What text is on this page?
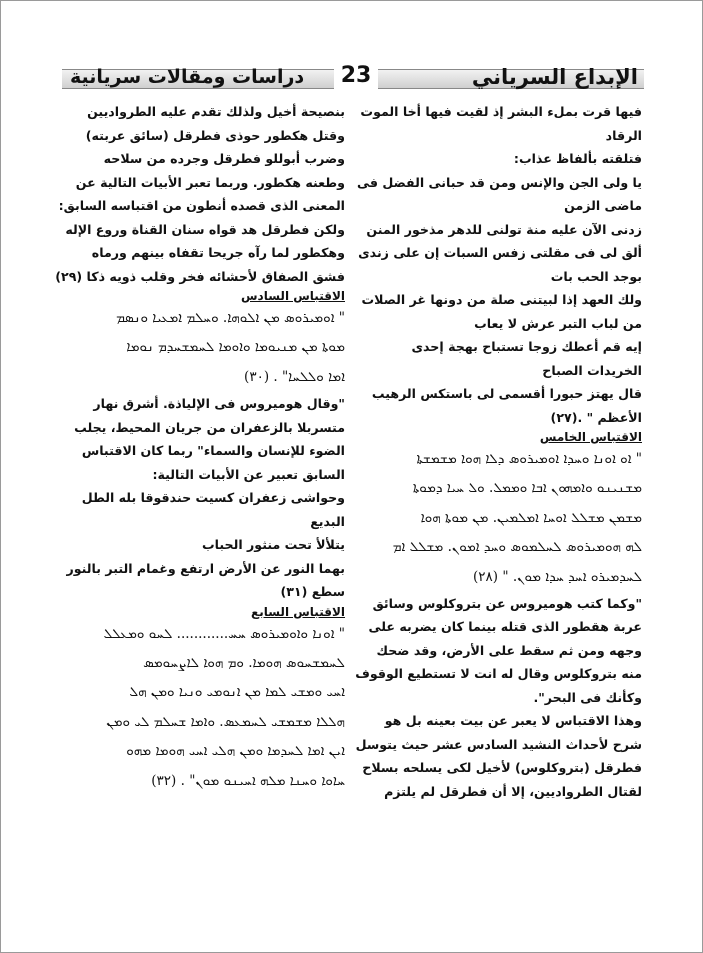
دراسات ومقالات سريانية	الإبداع السرياني
23
فيها قرت بملء البشر إذ لقيت فيها أخا الموت
الرقاد
فتلقته بألفاظ عذاب:
يا ولى الجن والإنس ومن قد حبانى الفضل فى
ماضى الزمن
زدنى الآن عليه منة تولنى للدهر مذخور المنن
ألق لى فى مقلتى زفس السبات إن على زندى
بوجد الحب بات
ولك العهد إذا لبيتنى صلة من دونها غر الصلات
من لباب التبر عرش لا يعاب
إيه قم أعطك زوجا تستباح بهجة إحدى
الخريدات الصباح
قال يهتز حبورا أقسمى لى باستكس الرهيب
الأعظم " .(٢٧)
الاقتباس الخامس
" ܐܘ ܐܘܢܐ ܘܚܕܐ ܐܘܡܝܪܘܣ ܕܠܐ ܗܘܐ ܡܫܡܫܬܐ
ܡܫܢܝܢܘ ܘܐܡܗܘܢ ܐܒܐ ܘܡܡܠ. ܘܠ ܚܝܐ ܕܡܘܬܐ
ܡܫܡܢ ܡܫܠܠ ܐܘܚܐ ܐܡܠܡܝܢ. ܡܢ ܡܘܬܐ ܗܘܐ
ܠܗ ܗܘܡܝܪܘܣ ܠܚܠܡܘܣ ܘܚܕ ܐܡܘܢ. ܡܫܠܠ ܐܡ
ܠܚܕܡܝܪܘ ܐܚܕ ܚܕܐ ܡܘܢ. " (٢٨)
"وكما كتب هوميروس عن بتروكلوس وسائق
عربة هقطور الذى قتله بينما كان يضربه على
وجهه ومن ثم سقط على الأرض، وقد ضحك
منه بتروكلوس وقال له انت لا تستطيع الوقوف
وكأنك فى البحر".
وهذا الاقتباس لا يعبر عن بيت بعينه بل هو
شرح لأحداث النشيد السادس عشر حيث يتوسل
فطرقل (بتروكلوس) لأخيل لكى يسلحه بسلاح
لقتال الطرواديين، إلا أن فطرقل لم يلتزم
بنصيحة أخيل ولذلك تقدم عليه الطرواديين
وقتل هكطور حوذى فطرقل (سائق عربته)
وضرب أبوللو فطرقل وجرده من سلاحه
وطعنه هكطور. وربما تعبر الأبيات التالية عن
المعنى الذى قصده أنطون من اقتباسه السابق:
ولكن فطرقل هد قواه سنان القناة وروع الإله
وهكطور لما رآه جريحا تقفاه بينهم ورماه
فشق الصفاق لأحشائه فخر وقلب ذويه ذكا (٢٩)
الاقتباس السادس
" ܐܘܡܝܪܘܣ ܡܢ ܐܠܘܗܐ. ܘܚܠܡ ܐܡܥܝܐ ܘܢܣܡ
ܡܘܬܐ ܡܢ ܡܢܝܘܡܐ ܘܐܘܡܐ ܠܚܡܫܚܕܡ ܢܘܡܐ
ܐܡܐ ܘܠܠܚܐ" . (٣٠)
"وقال هوميروس فى الإلياذة. أشرق نهار
متسربلا بالزعفران من جريان المحيط، يجلب
الضوء للإنسان والسماء" ربما كان الاقتباس
السابق تعبير عن الأبيات التالية:
وحواشى زعفران كسيت حندقوقا بله الطل
البديع
يتلألأ تحت منثور الحباب
بهما النور عن الأرض ارتفع وغمام التبر بالنور
سطع (٣١)
الاقتباس السابع
" ܐܘܢܐ ܘܐܘܡܝܪܘܣ ܚܚ............ ܠܚܘ ܘܡܥܠܠ
ܠܚܡܫܚܘܣ ܗܘܡܐ. ܘܡ ܗܘܐ ܠܐܨܚܘܡܣ
ܐܚܝ ܘܡܫܝ ܠܡܐ ܡܢ ܐܢܘܡܝ ܘܢܝܐ ܘܡܢ ܗܠ
ܗܠܠܐ ܡܫܡܫܝ ܠܚܡܥܣ. ܘܐܡܐ ܫܚܠܡ ܠܝ ܘܡܢ
ܐܝܢ ܐܡܐ ܠܚܕܡܐ ܘܡܢ ܗܠܝ ܐܚܝ ܗܘܡܐ ܡܗܘ
ܚܐܘܐ ܘܚܢܐ ܡܠܗ ܐܚܝܢܘ ܡܘܢ" . (٣٢)
